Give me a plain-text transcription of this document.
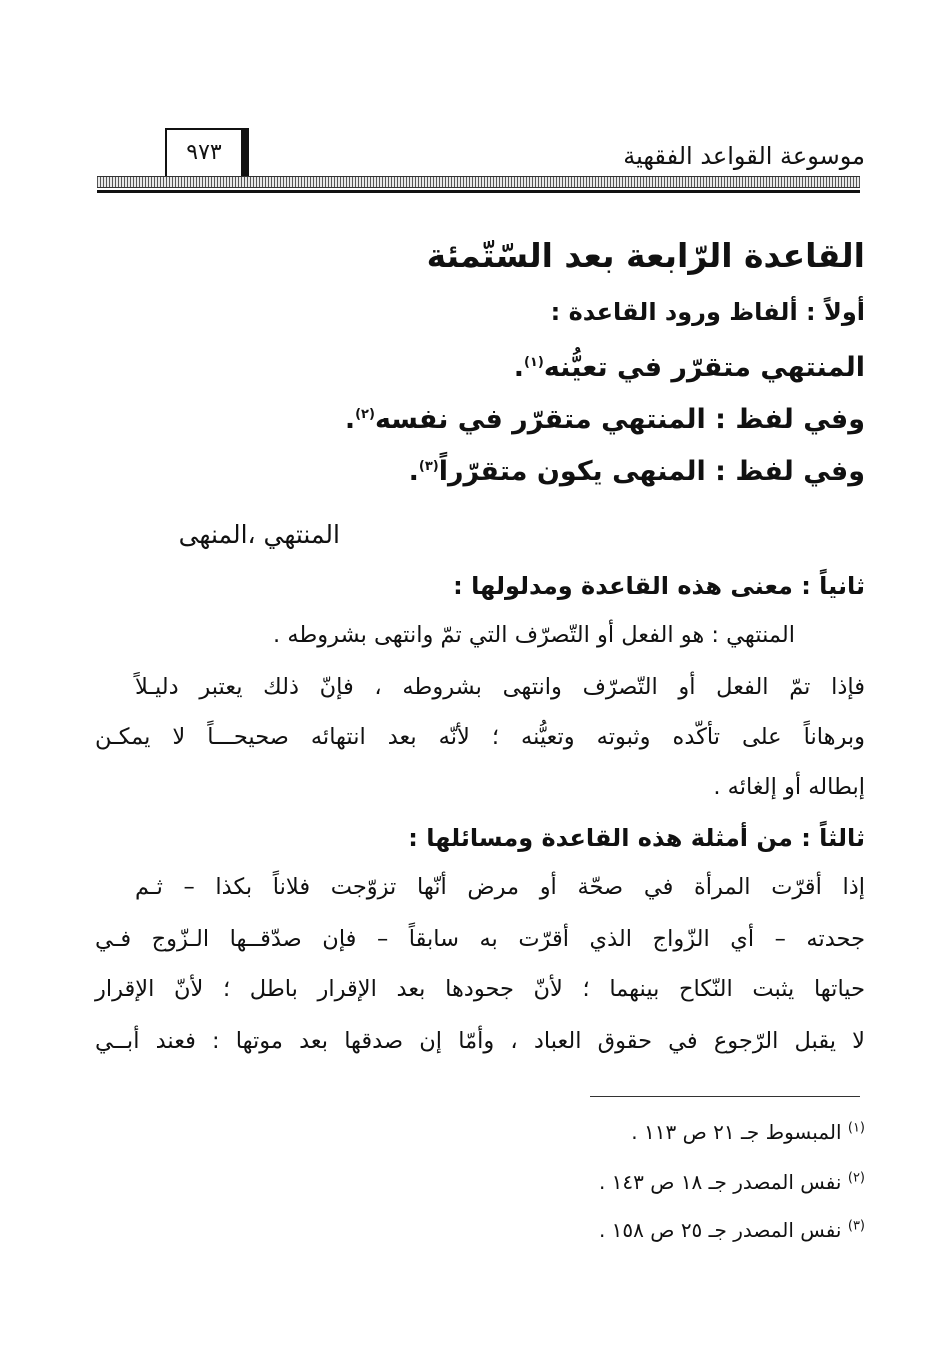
موسوعة القواعد الفقهية
٩٧٣
القاعدة الرّابعة بعد السّتّمئة
أولاً : ألفاظ ورود القاعدة :
المنتهي متقرّر في تعيُّنه$^{(١)}$.
وفي لفظ : المنتهي متقرّر في نفسه$^{(٢)}$.
وفي لفظ : المنهى يكون متقرّراً$^{(٣)}$.
المنتهي ،المنهى
ثانياً : معنى هذه القاعدة ومدلولها :
المنتهي : هو الفعل أو التّصرّف التي تمّ وانتهى بشروطه .
فإذا تمّ الفعل أو التّصرّف وانتهى بشروطه ، فإنّ ذلك يعتبر دليـلاً
وبرهاناً على تأكّده وثبوته وتعيُّنه ؛ لأنّه بعد انتهائه صحيحـــاً لا يمكـن
إبطاله أو إلغائه .
ثالثاً : من أمثلة هذه القاعدة ومسائلها :
إذا أقرّت المرأة في صحّة أو مرض أنّها تزوّجت فلاناً بكذا – ثـم
جحدته – أي الزّواج الذي أقرّت به سابقاً – فإن صدّقــها الـزّوج فـي
حياتها يثبت النّكاح بينهما ؛ لأنّ جحودها بعد الإقرار باطل ؛ لأنّ الإقرار
لا يقبل الرّجوع في حقوق العباد ، وأمّا إن صدقها بعد موتها : فعند أبــي
$^{(١)}$ المبسوط جـ ٢١ ص ١١٣ .
$^{(٢)}$ نفس المصدر جـ ١٨ ص ١٤٣ .
$^{(٣)}$ نفس المصدر جـ ٢٥ ص ١٥٨ .
